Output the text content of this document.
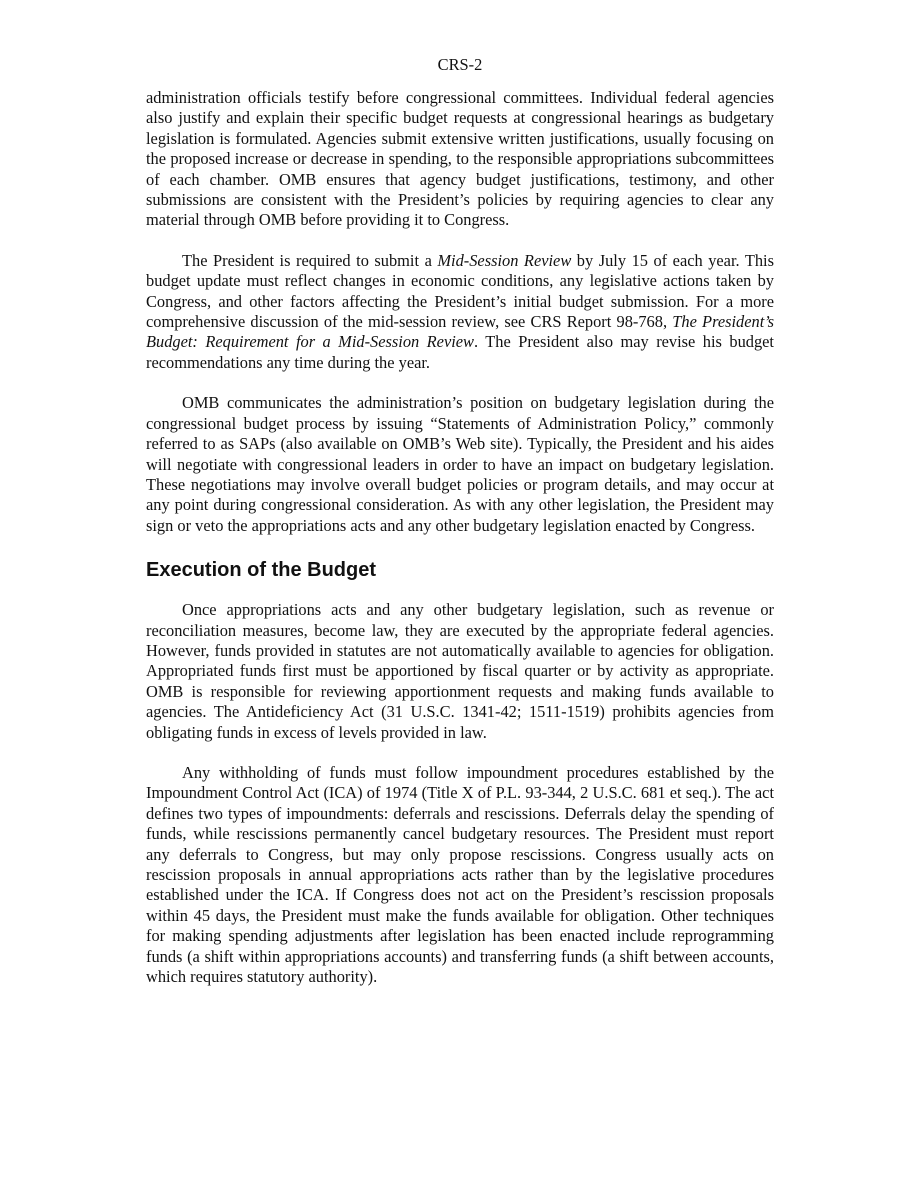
CRS-2

administration officials testify before congressional committees. Individual federal agencies also justify and explain their specific budget requests at congressional hearings as budgetary legislation is formulated. Agencies submit extensive written justifications, usually focusing on the proposed increase or decrease in spending, to the responsible appropriations subcommittees of each chamber. OMB ensures that agency budget justifications, testimony, and other submissions are consistent with the President’s policies by requiring agencies to clear any material through OMB before providing it to Congress.

The President is required to submit a Mid-Session Review by July 15 of each year. This budget update must reflect changes in economic conditions, any legislative actions taken by Congress, and other factors affecting the President’s initial budget submission. For a more comprehensive discussion of the mid-session review, see CRS Report 98-768, The President’s Budget: Requirement for a Mid-Session Review. The President also may revise his budget recommendations any time during the year.

OMB communicates the administration’s position on budgetary legislation during the congressional budget process by issuing “Statements of Administration Policy,” commonly referred to as SAPs (also available on OMB’s Web site). Typically, the President and his aides will negotiate with congressional leaders in order to have an impact on budgetary legislation. These negotiations may involve overall budget policies or program details, and may occur at any point during congressional consideration. As with any other legislation, the President may sign or veto the appropriations acts and any other budgetary legislation enacted by Congress.

Execution of the Budget

Once appropriations acts and any other budgetary legislation, such as revenue or reconciliation measures, become law, they are executed by the appropriate federal agencies. However, funds provided in statutes are not automatically available to agencies for obligation. Appropriated funds first must be apportioned by fiscal quarter or by activity as appropriate. OMB is responsible for reviewing apportionment requests and making funds available to agencies. The Antideficiency Act (31 U.S.C. 1341-42; 1511-1519) prohibits agencies from obligating funds in excess of levels provided in law.

Any withholding of funds must follow impoundment procedures established by the Impoundment Control Act (ICA) of 1974 (Title X of P.L. 93-344, 2 U.S.C. 681 et seq.). The act defines two types of impoundments: deferrals and rescissions. Deferrals delay the spending of funds, while rescissions permanently cancel budgetary resources. The President must report any deferrals to Congress, but may only propose rescissions. Congress usually acts on rescission proposals in annual appropriations acts rather than by the legislative procedures established under the ICA. If Congress does not act on the President’s rescission proposals within 45 days, the President must make the funds available for obligation. Other techniques for making spending adjustments after legislation has been enacted include reprogramming funds (a shift within appropriations accounts) and transferring funds (a shift between accounts, which requires statutory authority).
